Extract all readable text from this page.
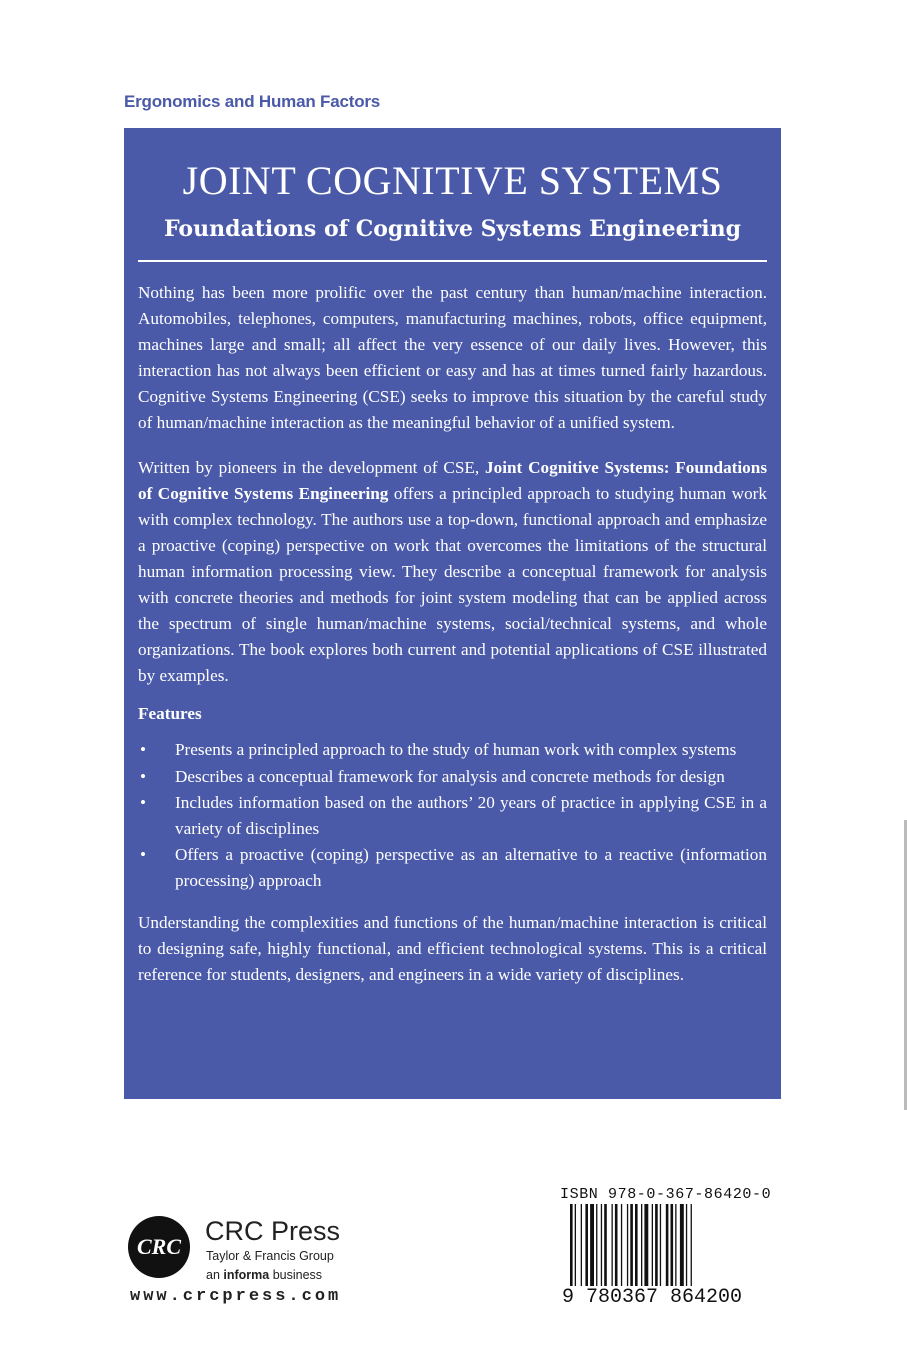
Ergonomics and Human Factors
JOINT COGNITIVE SYSTEMS
Foundations of Cognitive Systems Engineering

Nothing has been more prolific over the past century than human/machine interaction. Automobiles, telephones, computers, manufacturing machines, robots, office equipment, machines large and small; all affect the very essence of our daily lives. However, this interaction has not always been efficient or easy and has at times turned fairly hazardous. Cognitive Systems Engineering (CSE) seeks to improve this situation by the careful study of human/machine interaction as the meaningful behavior of a unified system.

Written by pioneers in the development of CSE, Joint Cognitive Systems: Foundations of Cognitive Systems Engineering offers a principled approach to studying human work with complex technology. The authors use a top-down, functional approach and emphasize a proactive (coping) perspective on work that overcomes the limitations of the structural human information processing view. They describe a conceptual framework for analysis with concrete theories and methods for joint system modeling that can be applied across the spectrum of single human/machine systems, social/technical systems, and whole organizations. The book explores both current and potential applications of CSE illustrated by examples.

Features
• Presents a principled approach to the study of human work with complex systems
• Describes a conceptual framework for analysis and concrete methods for design
• Includes information based on the authors’ 20 years of practice in applying CSE in a variety of disciplines
• Offers a proactive (coping) perspective as an alternative to a reactive (information processing) approach

Understanding the complexities and functions of the human/machine interaction is critical to designing safe, highly functional, and efficient technological systems. This is a critical reference for students, designers, and engineers in a wide variety of disciplines.

CRC
CRC Press
Taylor & Francis Group
an informa business
www.crcpress.com
ISBN 978-0-367-86420-0
9 780367 864200
